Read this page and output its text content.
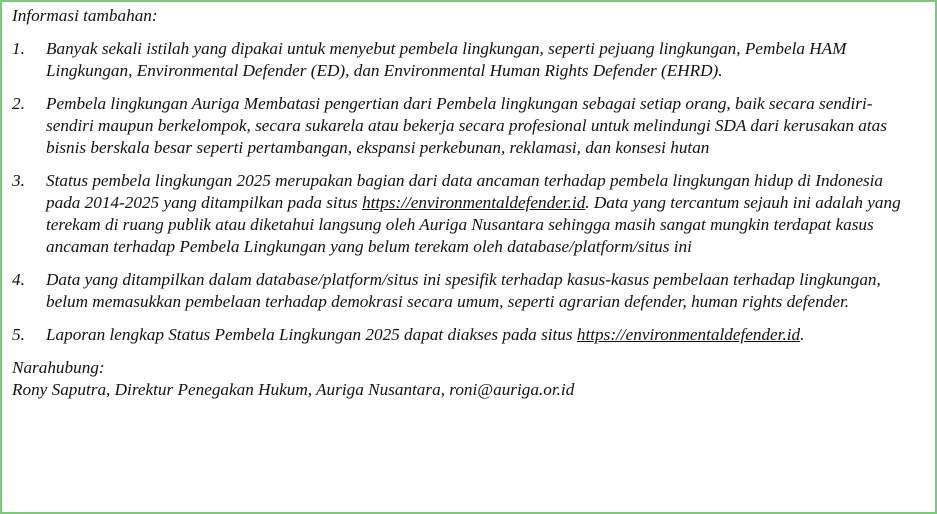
Informasi tambahan:
1.	Banyak sekali istilah yang dipakai untuk menyebut pembela lingkungan, seperti pejuang lingkungan, Pembela HAM Lingkungan, Environmental Defender (ED), dan Environmental Human Rights Defender (EHRD).
2.	Pembela lingkungan Auriga Membatasi pengertian dari Pembela lingkungan sebagai setiap orang, baik secara sendiri-sendiri maupun berkelompok, secara sukarela atau bekerja secara profesional untuk melindungi SDA dari kerusakan atas bisnis berskala besar seperti pertambangan, ekspansi perkebunan, reklamasi, dan konsesi hutan
3.	Status pembela lingkungan 2025 merupakan bagian dari data ancaman terhadap pembela lingkungan hidup di Indonesia pada 2014-2025 yang ditampilkan pada situs https://environmentaldefender.id. Data yang tercantum sejauh ini adalah yang terekam di ruang publik atau diketahui langsung oleh Auriga Nusantara sehingga masih sangat mungkin terdapat kasus ancaman terhadap Pembela Lingkungan yang belum terekam oleh database/platform/situs ini
4.	Data yang ditampilkan dalam database/platform/situs ini spesifik terhadap kasus-kasus pembelaan terhadap lingkungan, belum memasukkan pembelaan terhadap demokrasi secara umum, seperti agrarian defender, human rights defender.
5.	Laporan lengkap Status Pembela Lingkungan 2025 dapat diakses pada situs https://environmentaldefender.id.
Narahubung:
Rony Saputra, Direktur Penegakan Hukum, Auriga Nusantara, roni@auriga.or.id
